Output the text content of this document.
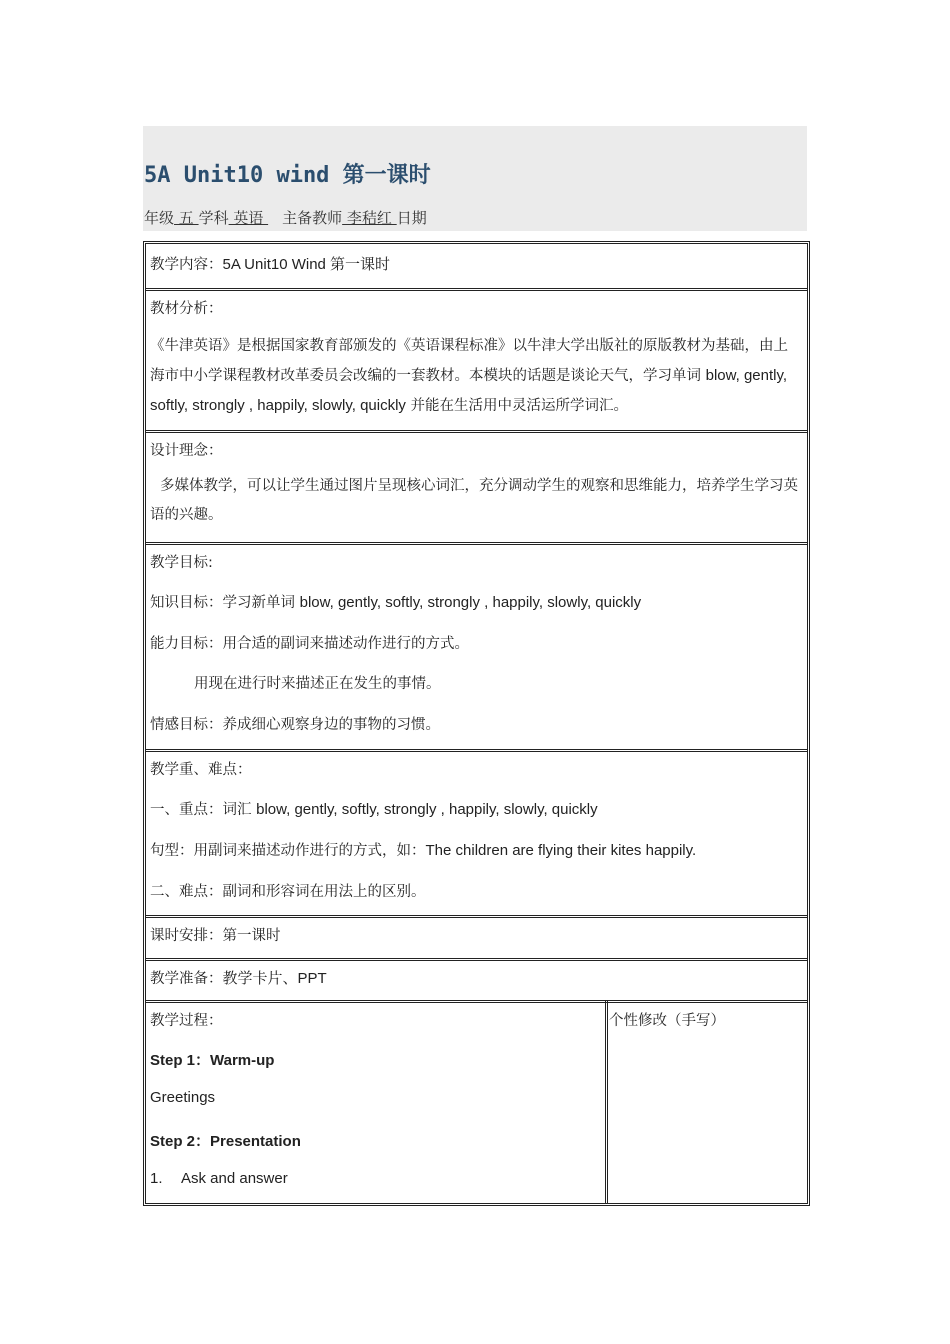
5A Unit10 wind 第一课时
年级 五 学科 英语 主备教师 李秸红 日期
教学内容：5A Unit10 Wind 第一课时
教材分析：
《牛津英语》是根据国家教育部颁发的《英语课程标准》以牛津大学出版社的原版教材为基础，由上海市中小学课程教材改革委员会改编的一套教材。本模块的话题是谈论天气，学习单词 blow, gently, softly, strongly , happily, slowly, quickly 并能在生活用中灵活运所学词汇。
设计理念：
多媒体教学，可以让学生通过图片呈现核心词汇，充分调动学生的观察和思维能力，培养学生学习英语的兴趣。
教学目标:
知识目标：学习新单词 blow, gently, softly, strongly , happily, slowly, quickly
能力目标：用合适的副词来描述动作进行的方式。
用现在进行时来描述正在发生的事情。
情感目标：养成细心观察身边的事物的习惯。
教学重、难点：
一、重点：词汇 blow, gently, softly, strongly , happily, slowly, quickly
句型：用副词来描述动作进行的方式，如：The children are flying their kites happily.
二、难点：副词和形容词在用法上的区别。
课时安排：第一课时
教学准备：教学卡片、PPT
教学过程：
Step 1：Warm-up
Greetings
Step 2：Presentation
1. Ask and answer
个性修改（手写）
